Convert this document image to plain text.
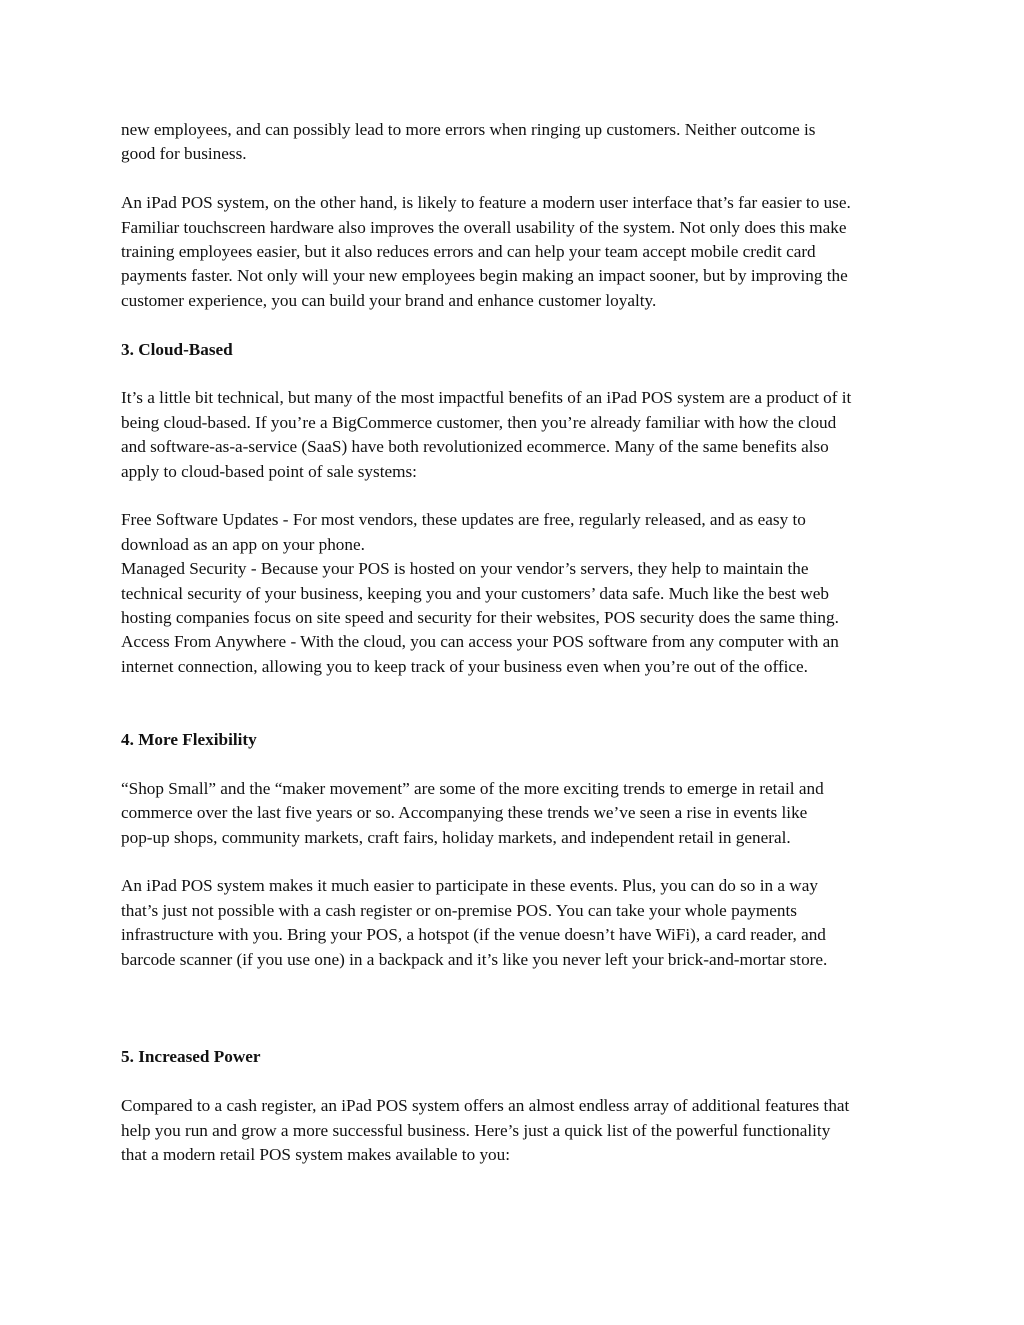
new employees, and can possibly lead to more errors when ringing up customers. Neither outcome is
good for business.

An iPad POS system, on the other hand, is likely to feature a modern user interface that’s far easier to use.
Familiar touchscreen hardware also improves the overall usability of the system. Not only does this make
training employees easier, but it also reduces errors and can help your team accept mobile credit card
payments faster. Not only will your new employees begin making an impact sooner, but by improving the
customer experience, you can build your brand and enhance customer loyalty.

3. Cloud-Based

It’s a little bit technical, but many of the most impactful benefits of an iPad POS system are a product of it
being cloud-based. If you’re a BigCommerce customer, then you’re already familiar with how the cloud
and software-as-a-service (SaaS) have both revolutionized ecommerce. Many of the same benefits also
apply to cloud-based point of sale systems:

Free Software Updates - For most vendors, these updates are free, regularly released, and as easy to
download as an app on your phone.
Managed Security - Because your POS is hosted on your vendor’s servers, they help to maintain the
technical security of your business, keeping you and your customers’ data safe. Much like the best web
hosting companies focus on site speed and security for their websites, POS security does the same thing.
Access From Anywhere - With the cloud, you can access your POS software from any computer with an
internet connection, allowing you to keep track of your business even when you’re out of the office.

4. More Flexibility

“Shop Small” and the “maker movement” are some of the more exciting trends to emerge in retail and
commerce over the last five years or so. Accompanying these trends we’ve seen a rise in events like
pop-up shops, community markets, craft fairs, holiday markets, and independent retail in general.

An iPad POS system makes it much easier to participate in these events. Plus, you can do so in a way
that’s just not possible with a cash register or on-premise POS. You can take your whole payments
infrastructure with you. Bring your POS, a hotspot (if the venue doesn’t have WiFi), a card reader, and
barcode scanner (if you use one) in a backpack and it’s like you never left your brick-and-mortar store.

5. Increased Power

Compared to a cash register, an iPad POS system offers an almost endless array of additional features that
help you run and grow a more successful business. Here’s just a quick list of the powerful functionality
that a modern retail POS system makes available to you:
